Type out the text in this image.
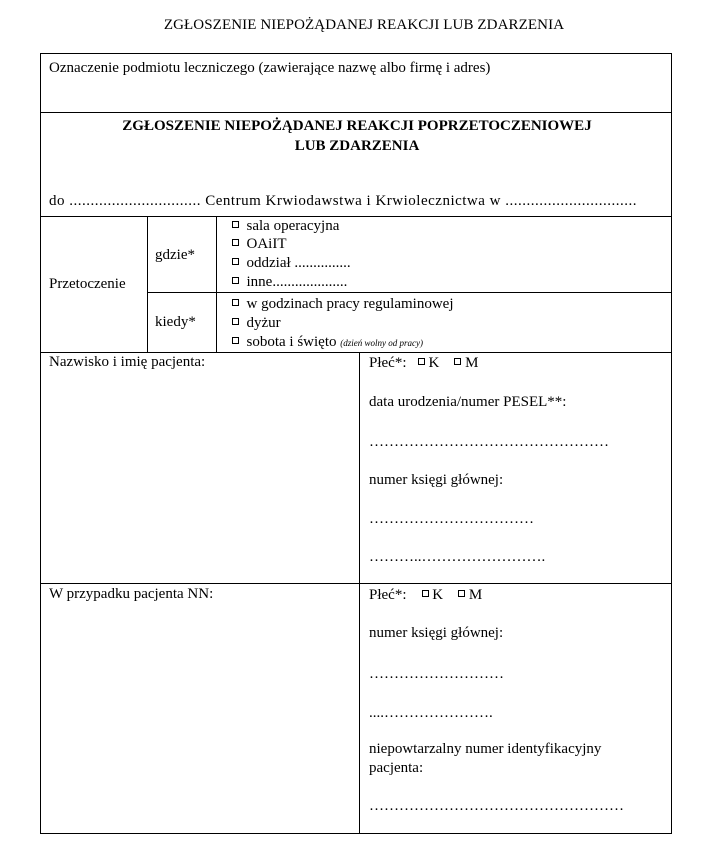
ZGŁOSZENIE NIEPOŻĄDANEJ REAKCJI LUB ZDARZENIA
Oznaczenie podmiotu leczniczego (zawierające nazwę albo firmę i adres)
ZGŁOSZENIE NIEPOŻĄDANEJ REAKCJI POPRZETOCZENIOWEJ
LUB ZDARZENIA
do ............................... Centrum Krwiodawstwa i Krwiolecznictwa w ...............................
Przetoczenie
gdzie*
kiedy*
sala operacyjna
OAiIT
oddział ...............
inne....................
w godzinach pracy regulaminowej
dyżur
sobota i święto (dzień wolny od pracy)
Nazwisko i imię pacjenta:	Płeć*: K M
data urodzenia/numer PESEL**:
…………………………………………
numer księgi głównej:
……………………………
………..…………………….
W przypadku pacjenta NN:	Płeć*: K M
numer księgi głównej:
………………………
....………………….
niepowtarzalny numer identyfikacyjny
pacjenta:
……………………………………………
